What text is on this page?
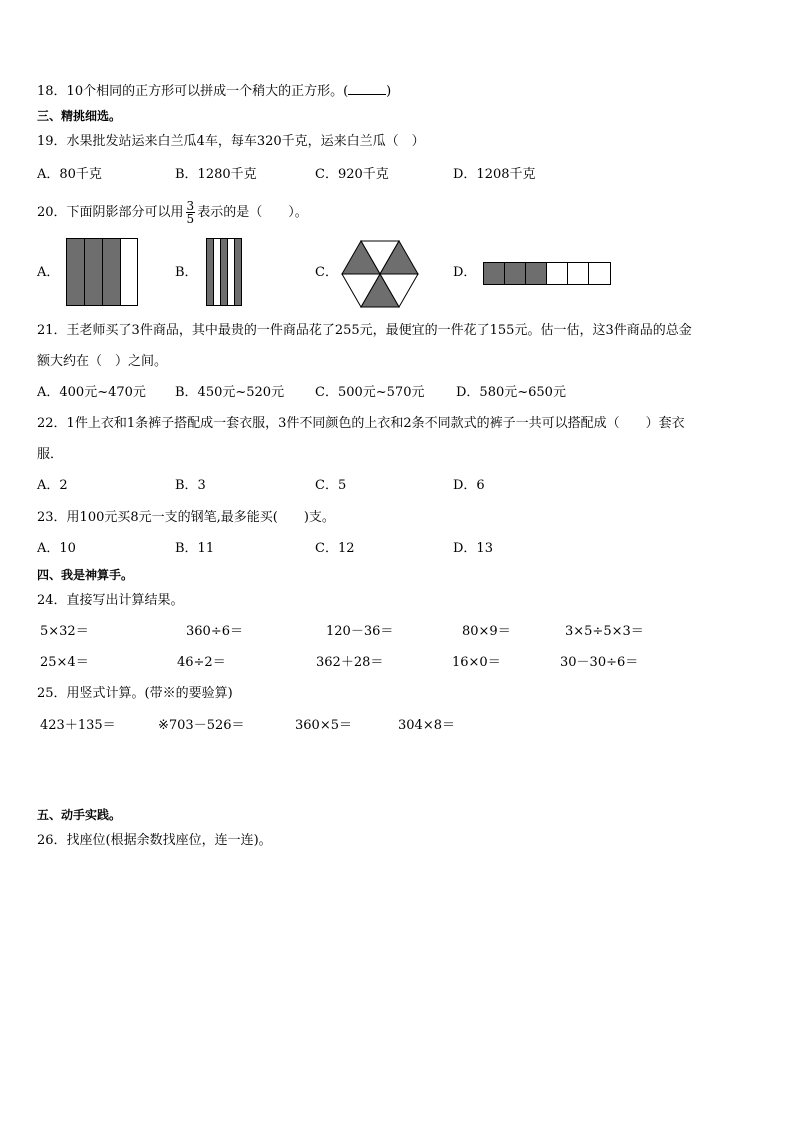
18．10个相同的正方形可以拼成一个稍大的正方形。(	)
三、精挑细选。
19．水果批发站运来白兰瓜4车，每车320千克，运来白兰瓜（　）
A．80千克	B．1280千克	C．920千克	D．1208千克
20．下面阴影部分可以用 $\frac{3}{5}$ 表示的是（　　）。
A．	B．	C．	D．
21．王老师买了3件商品，其中最贵的一件商品花了255元，最便宜的一件花了155元。估一估，这3件商品的总金
额大约在（　）之间。
A．400元~470元 B．450元~520元 C．500元~570元 D．580元~650元
22．1件上衣和1条裤子搭配成一套衣服，3件不同颜色的上衣和2条不同款式的裤子一共可以搭配成（　　）套衣
服．
A．2	B．3	C．5	D．6
23．用100元买8元一支的钢笔,最多能买(　　)支。
A．10	B．11	C．12	D．13
四、我是神算手。
24．直接写出计算结果。
5×32＝	360÷6＝	120－36＝	80×9＝	3×5÷5×3＝
25×4＝	46÷2＝	362＋28＝	16×0＝	30－30÷6＝
25．用竖式计算。(带※的要验算)
423＋135＝	※703－526＝	360×5＝	304×8＝
五、动手实践。
26．找座位(根据余数找座位，连一连)。
